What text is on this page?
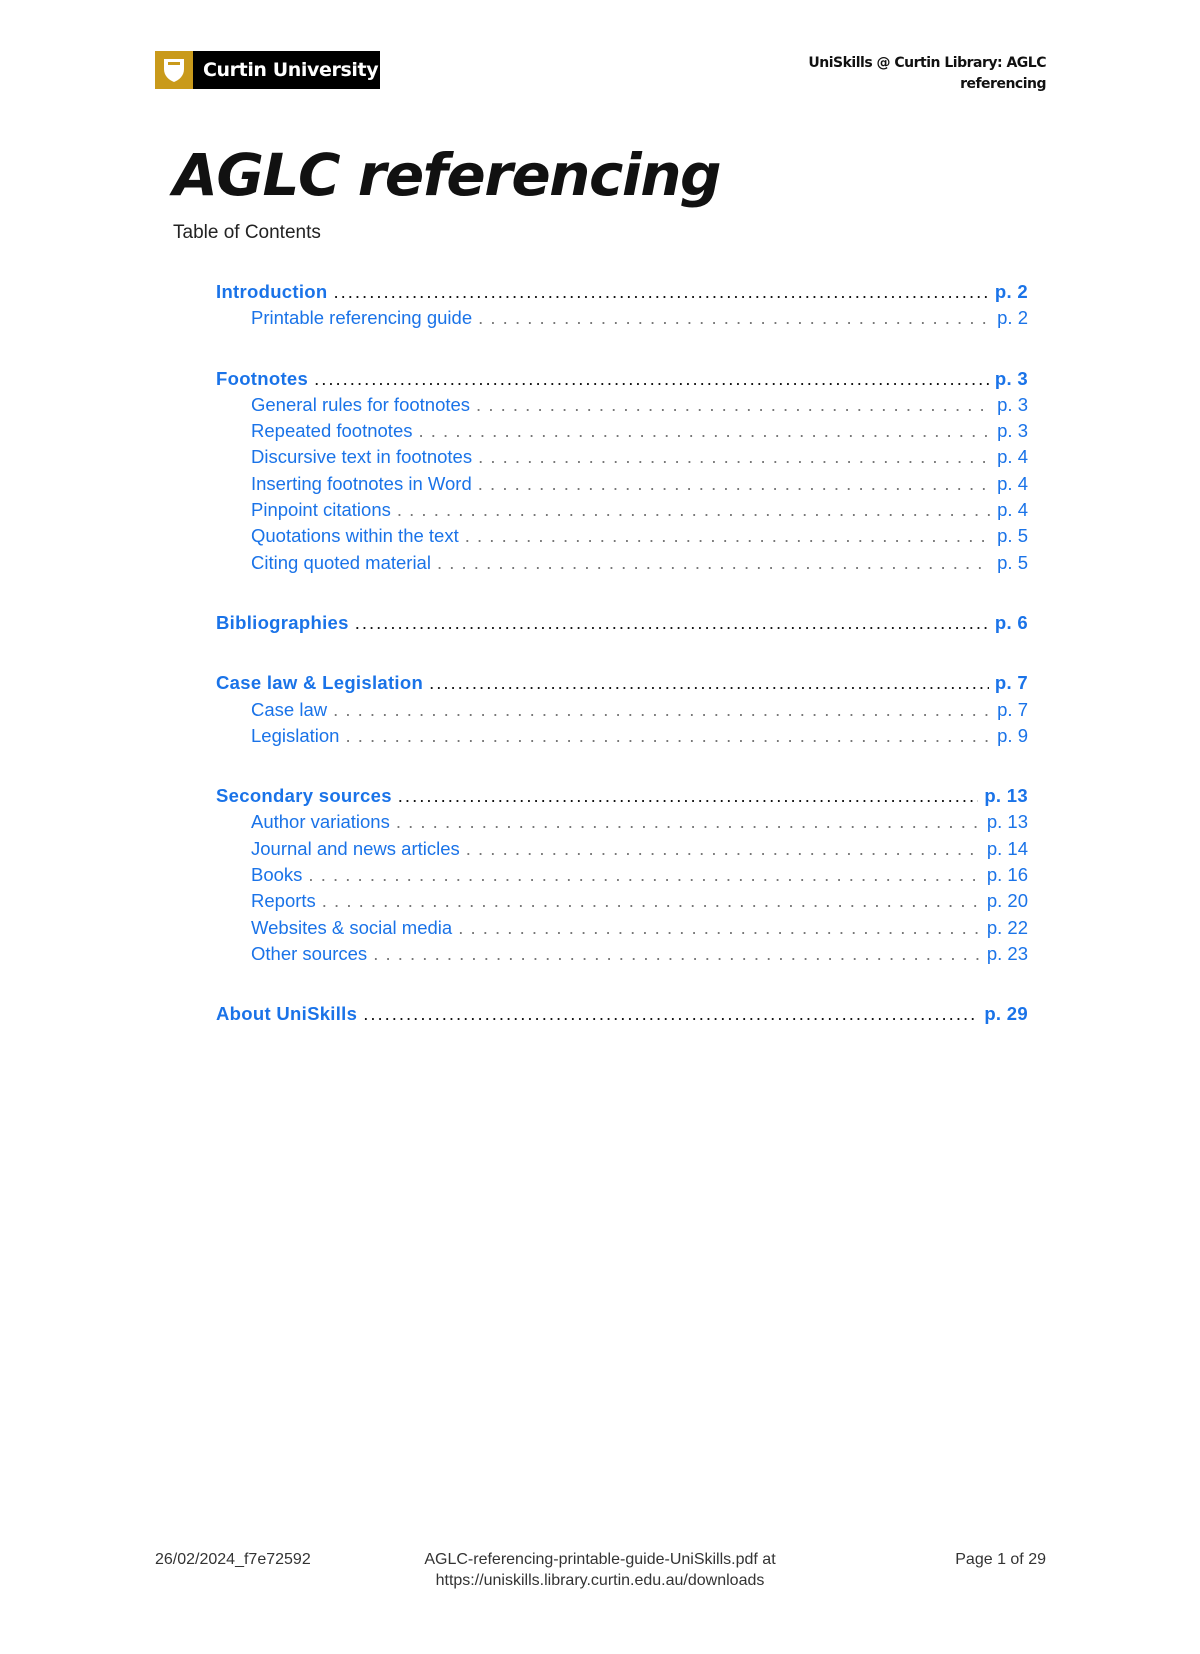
Curtin University	UniSkills @ Curtin Library: AGLC
referencing
AGLC referencing
Table of Contents
Introduction .....	p. 2
Printable referencing guide . . .	p. 2
Footnotes .....	p. 3
General rules for footnotes . . .	p. 3
Repeated footnotes . . .	p. 3
Discursive text in footnotes . . .	p. 4
Inserting footnotes in Word . . .	p. 4
Pinpoint citations . . .	p. 4
Quotations within the text . . .	p. 5
Citing quoted material . . .	p. 5
Bibliographies .....	p. 6
Case law & Legislation .....	p. 7
Case law . . .	p. 7
Legislation . . .	p. 9
Secondary sources .....	p. 13
Author variations . . .	p. 13
Journal and news articles . . .	p. 14
Books . . .	p. 16
Reports . . .	p. 20
Websites & social media . . .	p. 22
Other sources . . .	p. 23
About UniSkills .....	p. 29
26/02/2024_f7e72592	AGLC-referencing-printable-guide-UniSkills.pdf at
https://uniskills.library.curtin.edu.au/downloads
Page 1 of 29
